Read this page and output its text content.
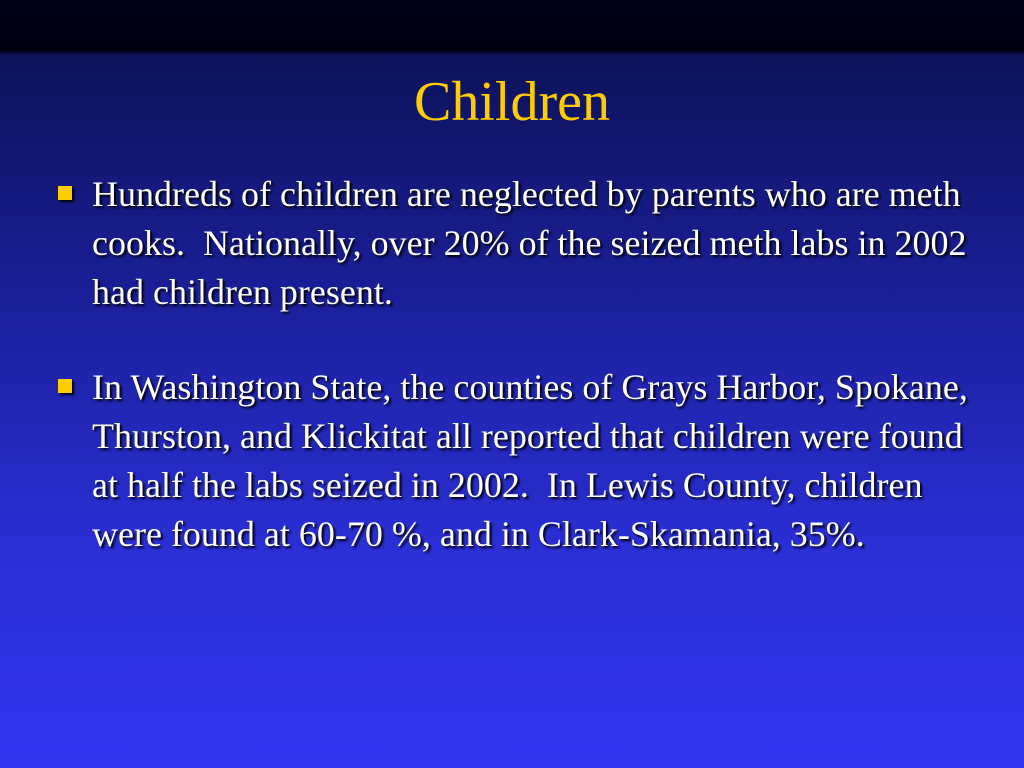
Children
Hundreds of children are neglected by parents who are meth cooks.  Nationally, over 20% of the seized meth labs in 2002 had children present.
In Washington State, the counties of Grays Harbor, Spokane, Thurston, and Klickitat all reported that children were found at half the labs seized in 2002.  In Lewis County, children were found at 60-70 %, and in Clark-Skamania, 35%.
